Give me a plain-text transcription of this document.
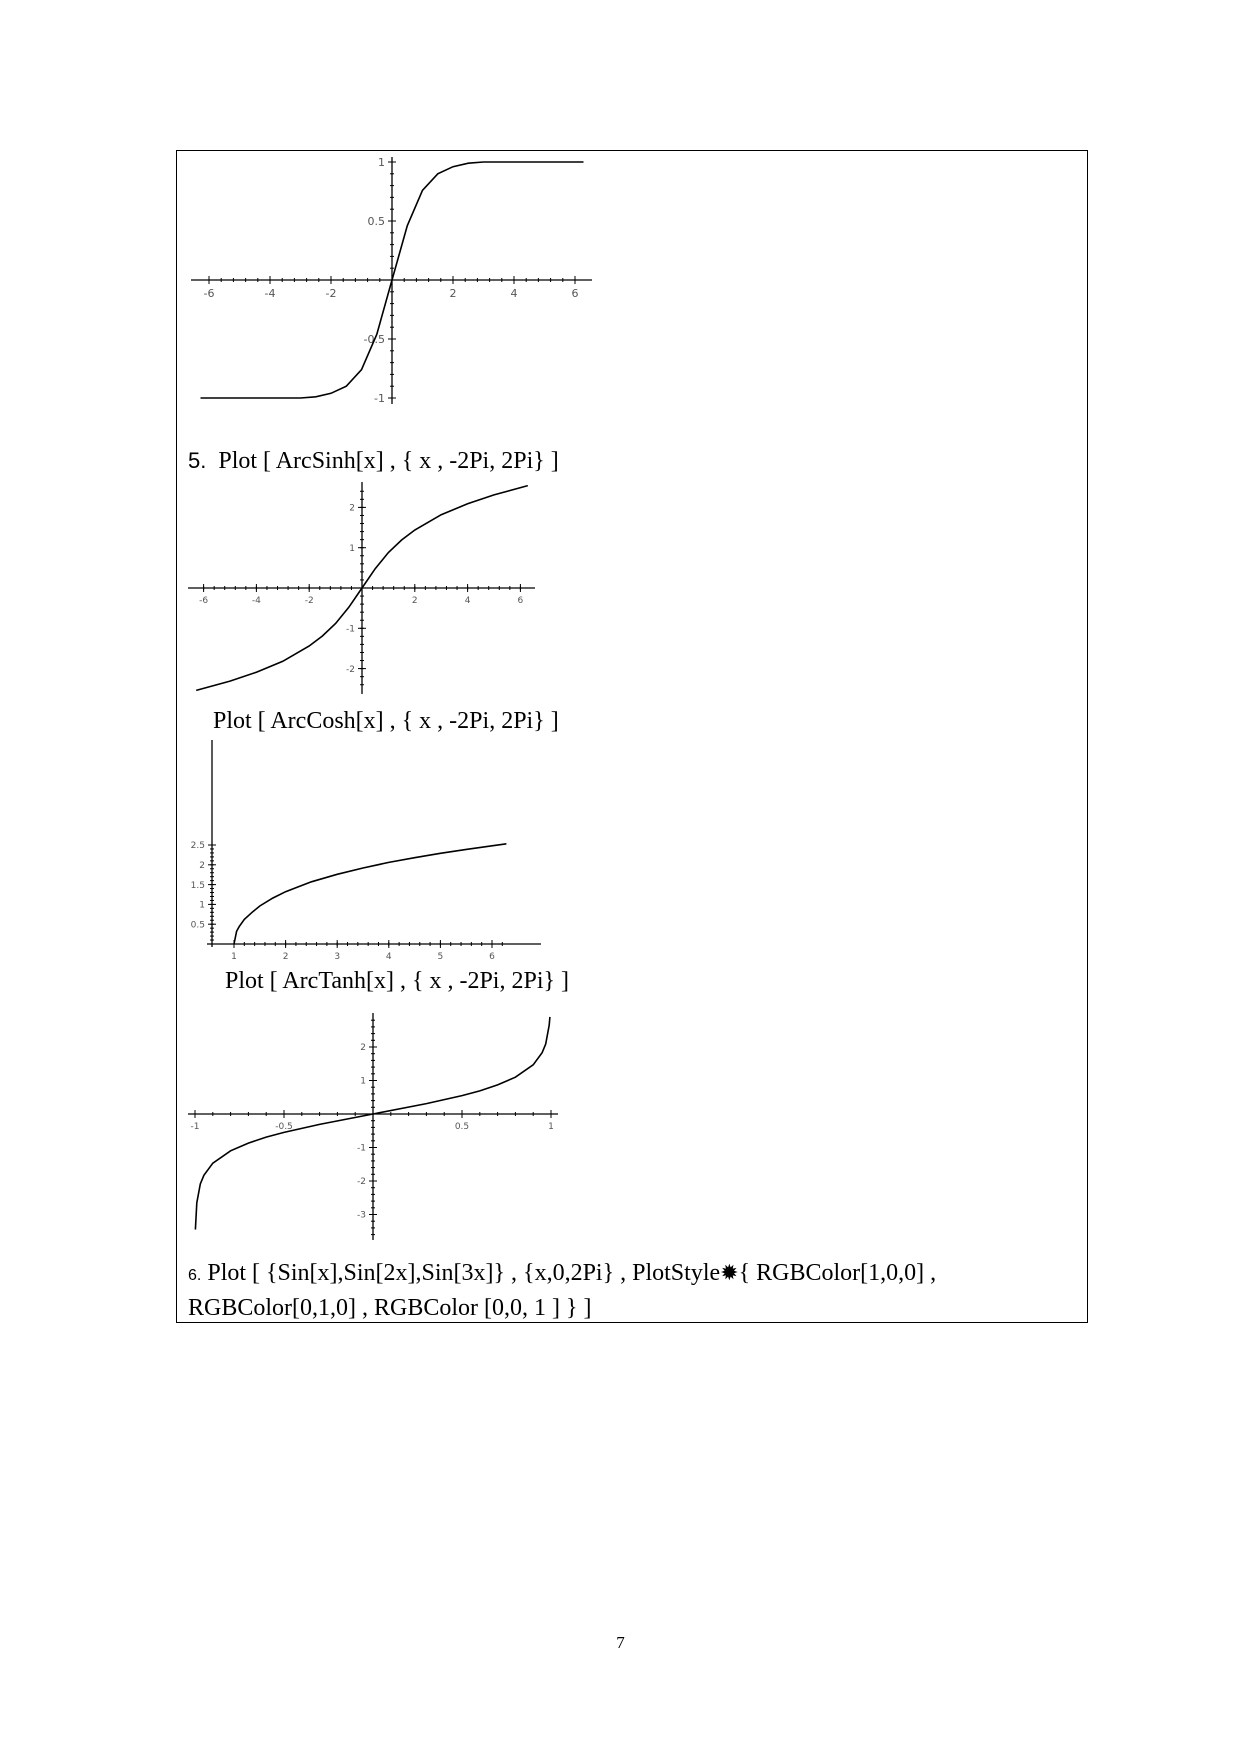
-6	-4	-2	2	4	6
-1
-0.5
0.5
1
5. Plot [ ArcSinh[x] , { x , -2Pi, 2Pi} ]
-6	-4	-2	2	4	6
-2
-1
1
2
Plot [ ArcCosh[x] , { x , -2Pi, 2Pi} ]
1	2	3	4	5	6
0.5
1
1.5
2
2.5
Plot [ ArcTanh[x] , { x , -2Pi, 2Pi} ]
-1	-0.5	0.5	1
-3
-2
-1
1
2
6. Plot [ {Sin[x],Sin[2x],Sin[3x]} , {x,0,2Pi} , PlotStyle✹{ RGBColor[1,0,0] ,
RGBColor[0,1,0] , RGBColor [0,0, 1 ] } ]
7
